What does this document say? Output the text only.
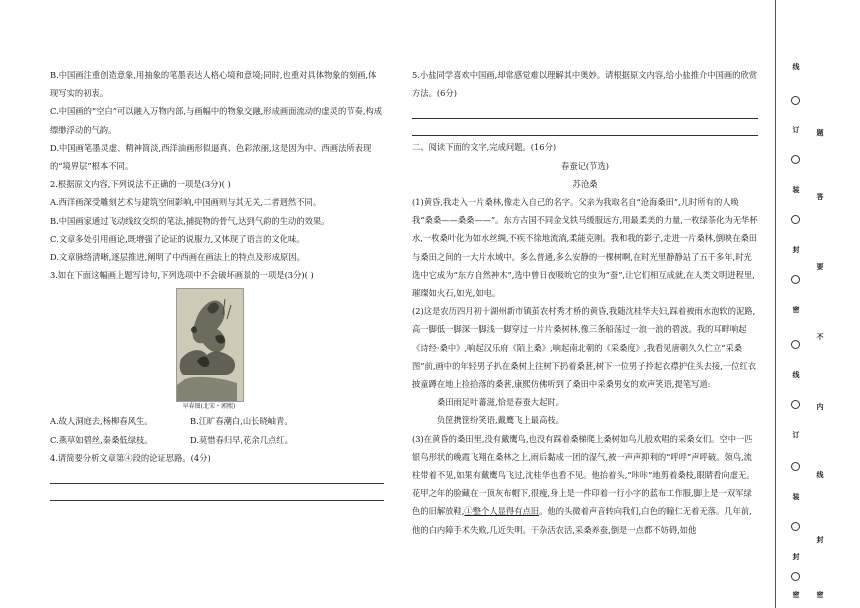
B.中国画注重创造意象,用抽象的笔墨表达人格心境和意境;同时,也重对具体物象的刻画,体现写实的初衷。

C.中国画的“空白”可以融入万物内部,与画幅中的物象交融,形成画面流动的虚灵的节奏,构成缥缈浮动的气韵。

D.中国画笔墨灵虚、精神简淡,西洋油画形似逼真、色彩浓丽,这是因为中、西画法所表现的“境界层”根本不同。

2.根据原文内容,下列说法不正确的一项是(3分)( )

A.西洋画深受雕刻艺术与建筑空间影响,中国画则与其无关,二者迥然不同。

B.中国画家通过飞动线纹交织的笔法,捕捉物的骨气,达到气韵的生动的效果。

C.文章多处引用画论,既增强了论证的说服力,又体现了语言的文化味。

D.文章脉络清晰,逐层推进,阐明了中西画在画法上的特点及形成原因。

3.如在下面这幅画上题写诗句,下列选项中不会破坏画景的一项是(3分)( )

早春图(北宋・郭熙)

A.故人洞庭去,杨柳春风生。	B.江旷春潮白,山长晓岫青。

C.燕草如碧丝,秦桑低绿枝。	D.莫惜春归早,花余几点红。

4.请简要分析文章第④段的论证思路。(4分)

5.小盐同学喜欢中国画,却常感觉难以理解其中奥妙。请根据原文内容,给小盐推介中国画的欣赏方法。(6分)

二、阅读下面的文字,完成问题。(16分)

春蚕记(节选)

苏沧桑

(1)黄昏,我走入一片桑林,像走入自己的名字。父亲为我取名自“沧海桑田”,儿时所有的人唤我“桑桑——桑桑——”。东方古国不同金戈铁马缓服远方,用最柔美的力量,一枚绿茶化为无华杯水,一枚桑叶化为如水丝绸,不疾不徐地流淌,柔能克刚。我和我的影子,走进一片桑林,倒映在桑田与桑田之间的一大片水域中。多么普通,多么安静的一棵树啊,在时光里静静站了五千多年,时光选中它成为“东方自然神木”,选中曾日夜吸吮它的虫为“蚕”,让它们相互成就,在人类文明进程里,璀璨如火石,如光,如电。

(2)这是农历四月初十湖州新市镇茧农村秀才桥的黄昏,我随沈桂华夫妇,踩着被雨水泡软的泥路,高一脚低一脚深一脚浅一脚穿过一片片桑树林,像三条船荡过一浪一浪的碧波。我的耳畔响起《诗经·桑中》,响起汉乐府《陌上桑》,响起南北朝的《采桑度》,我看见唐朝久久伫立“采桑图”前,画中的年轻男子扒在桑树上往树下扔着桑葚,树下一位男子拎起衣襟护住头去接,一位红衣披童蹲在地上捡拾落的桑葚,康熙仿佛听到了桑田中采桑男女的欢声笑语,提笔写道:

桑田雨足叶蕃滋,恰是春蚕大起时。

负筐携筐纷笑语,戴鹰飞上最高枝。

(3)在黄昏的桑田里,没有戴鹰鸟,也没有踩着桑梯爬上桑树如鸟儿般欢唱的采桑女们。空中一匹银鸟形状的晚霞飞翔在桑林之上,雨后黏成一团的湿气,被一声声抑利的“呼呼”声呼破。领鸟,流柱带着不见,如果有戴鹰鸟飞过,沈桂华也看不见。他抬着头,“咔咔”地剪着桑枝,眼睛看向虚无。花甲之年的脸藏在一顶灰布帽下,很瘦,身上是一件印着一行小字的蓝布工作服,脚上是一双军绿色的旧解放鞋,①整个人显得有点旧。他的头微着声音转向我们,白色的瞳仁无着无落。几年前,他的白内障手术失败,几近失明。干杂活农活,采桑养蚕,倒是一点都不妨碍,如他

线
订
装
封
密
线
订
装
封
密
题
答
要
不
内
线
封
密
